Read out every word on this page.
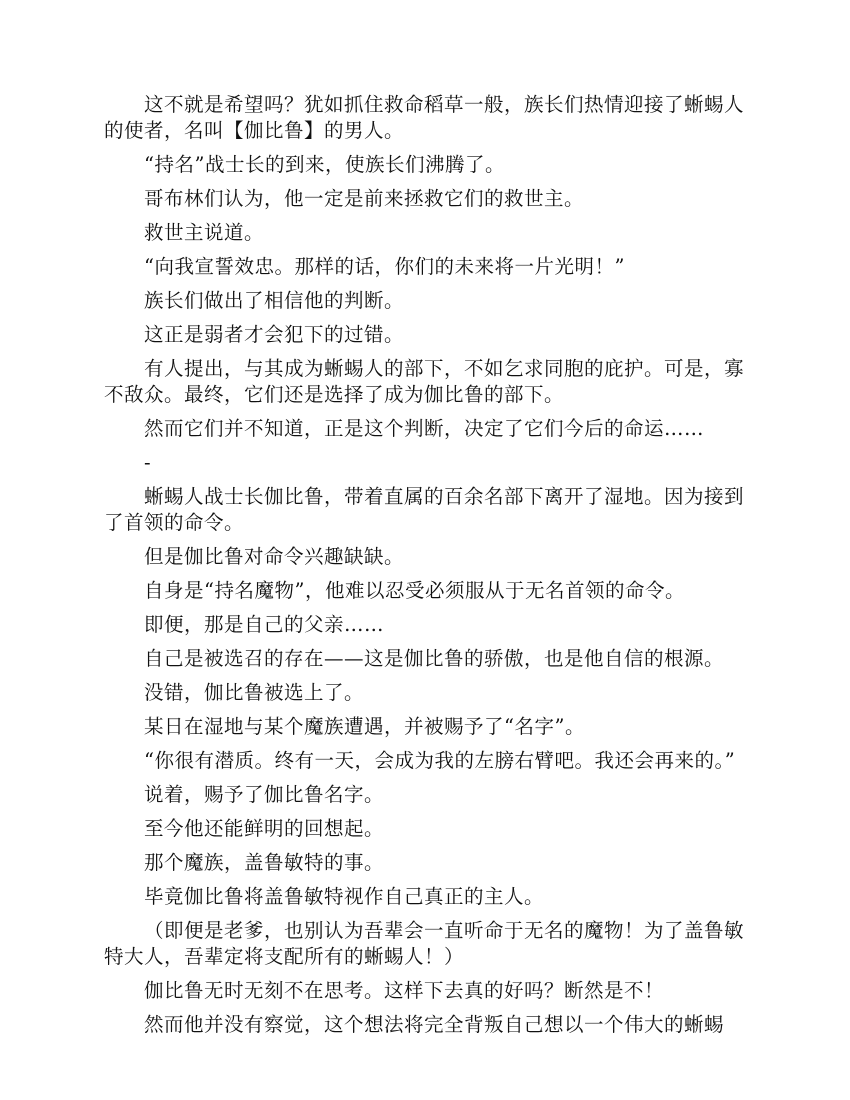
这不就是希望吗？犹如抓住救命稻草一般，族长们热情迎接了蜥蜴人的使者，名叫【伽比鲁】的男人。

“持名”战士长的到来，使族长们沸腾了。

哥布林们认为，他一定是前来拯救它们的救世主。

救世主说道。

“向我宣誓效忠。那样的话，你们的未来将一片光明！”

族长们做出了相信他的判断。

这正是弱者才会犯下的过错。

有人提出，与其成为蜥蜴人的部下，不如乞求同胞的庇护。可是，寡不敌众。最终，它们还是选择了成为伽比鲁的部下。

然而它们并不知道，正是这个判断，决定了它们今后的命运……

-

蜥蜴人战士长伽比鲁，带着直属的百余名部下离开了湿地。因为接到了首领的命令。

但是伽比鲁对命令兴趣缺缺。

自身是“持名魔物”，他难以忍受必须服从于无名首领的命令。

即便，那是自己的父亲……

自己是被选召的存在——这是伽比鲁的骄傲，也是他自信的根源。

没错，伽比鲁被选上了。

某日在湿地与某个魔族遭遇，并被赐予了“名字”。

“你很有潜质。终有一天，会成为我的左膀右臂吧。我还会再来的。”

说着，赐予了伽比鲁名字。

至今他还能鲜明的回想起。

那个魔族，盖鲁敏特的事。

毕竟伽比鲁将盖鲁敏特视作自己真正的主人。

（即便是老爹，也别认为吾辈会一直听命于无名的魔物！为了盖鲁敏特大人，吾辈定将支配所有的蜥蜴人！）

伽比鲁无时无刻不在思考。这样下去真的好吗？断然是不！

然而他并没有察觉，这个想法将完全背叛自己想以一个伟大的蜥蜴
